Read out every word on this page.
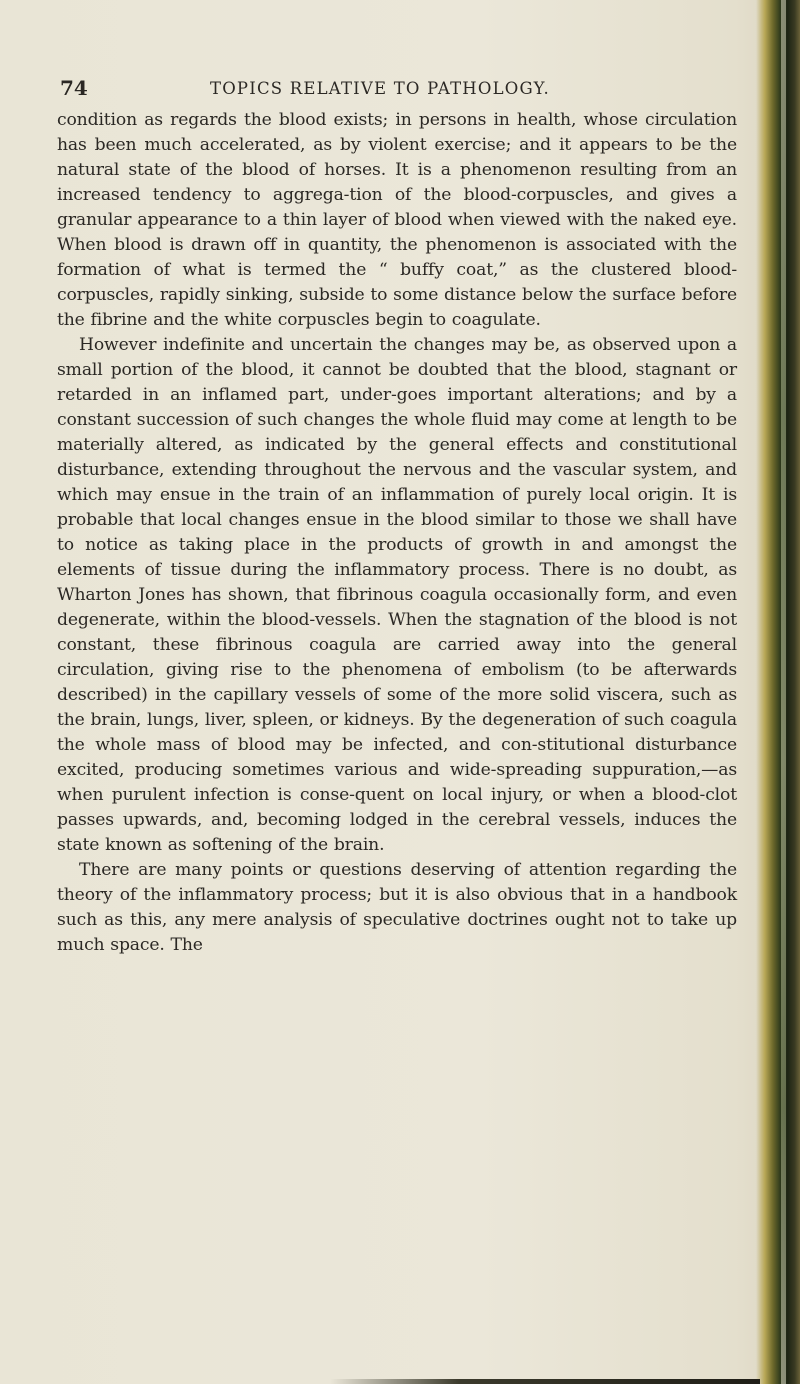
74	TOPICS RELATIVE TO PATHOLOGY.

condition as regards the blood exists; in persons in health, whose circulation has been much accelerated, as by violent exercise; and it appears to be the natural state of the blood of horses. It is a phenomenon resulting from an increased tendency to aggrega-tion of the blood-corpuscles, and gives a granular appearance to a thin layer of blood when viewed with the naked eye. When blood is drawn off in quantity, the phenomenon is associated with the formation of what is termed the “ buffy coat,” as the clustered blood-corpuscles, rapidly sinking, subside to some distance below the surface before the fibrine and the white corpuscles begin to coagulate.

However indefinite and uncertain the changes may be, as observed upon a small portion of the blood, it cannot be doubted that the blood, stagnant or retarded in an inflamed part, under-goes important alterations; and by a constant succession of such changes the whole fluid may come at length to be materially altered, as indicated by the general effects and constitutional disturbance, extending throughout the nervous and the vascular system, and which may ensue in the train of an inflammation of purely local origin. It is probable that local changes ensue in the blood similar to those we shall have to notice as taking place in the products of growth in and amongst the elements of tissue during the inflammatory process. There is no doubt, as Wharton Jones has shown, that fibrinous coagula occasionally form, and even degenerate, within the blood-vessels. When the stagnation of the blood is not constant, these fibrinous coagula are carried away into the general circulation, giving rise to the phenomena of embolism (to be afterwards described) in the capillary vessels of some of the more solid viscera, such as the brain, lungs, liver, spleen, or kidneys. By the degeneration of such coagula the whole mass of blood may be infected, and con-stitutional disturbance excited, producing sometimes various and wide-spreading suppuration,—as when purulent infection is conse-quent on local injury, or when a blood-clot passes upwards, and, becoming lodged in the cerebral vessels, induces the state known as softening of the brain.

There are many points or questions deserving of attention regarding the theory of the inflammatory process; but it is also obvious that in a handbook such as this, any mere analysis of speculative doctrines ought not to take up much space. The
